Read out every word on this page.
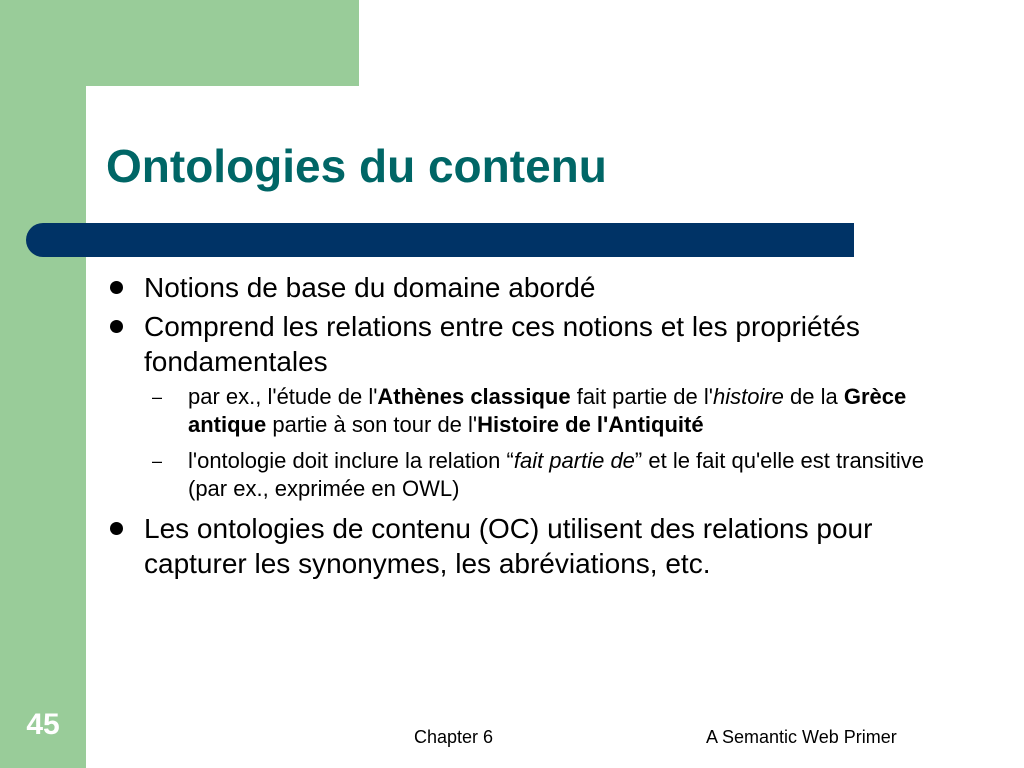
Ontologies du contenu
Notions de base du domaine abordé
Comprend les relations entre ces notions et les propriétés fondamentales
– par ex., l'étude de l'Athènes classique fait partie de l'histoire de la Grèce antique partie à son tour de l'Histoire de l'Antiquité
– l'ontologie doit inclure la relation “fait partie de” et le fait qu'elle est transitive (par ex., exprimée en OWL)
Les ontologies de contenu (OC) utilisent des relations pour capturer les synonymes, les abréviations, etc.
45	Chapter 6	A Semantic Web Primer
